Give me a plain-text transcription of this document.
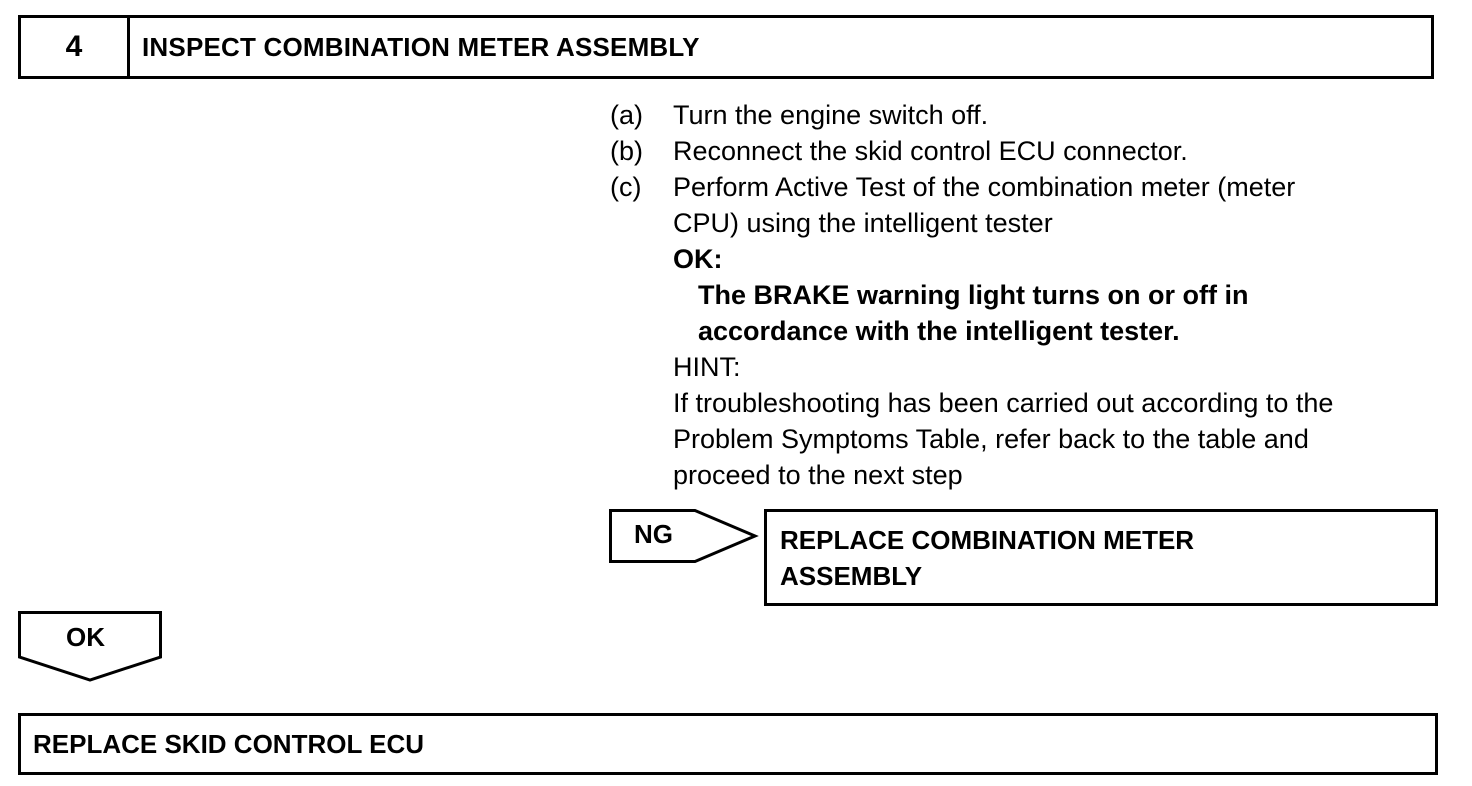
4	INSPECT COMBINATION METER ASSEMBLY
(a)	Turn the engine switch off.
(b)	Reconnect the skid control ECU connector.
(c)	Perform Active Test of the combination meter (meter
CPU) using the intelligent tester
OK:
The BRAKE warning light turns on or off in
accordance with the intelligent tester.
HINT:
If troubleshooting has been carried out according to the
Problem Symptoms Table, refer back to the table and
proceed to the next step
NG	REPLACE COMBINATION METER
ASSEMBLY
OK
REPLACE SKID CONTROL ECU
